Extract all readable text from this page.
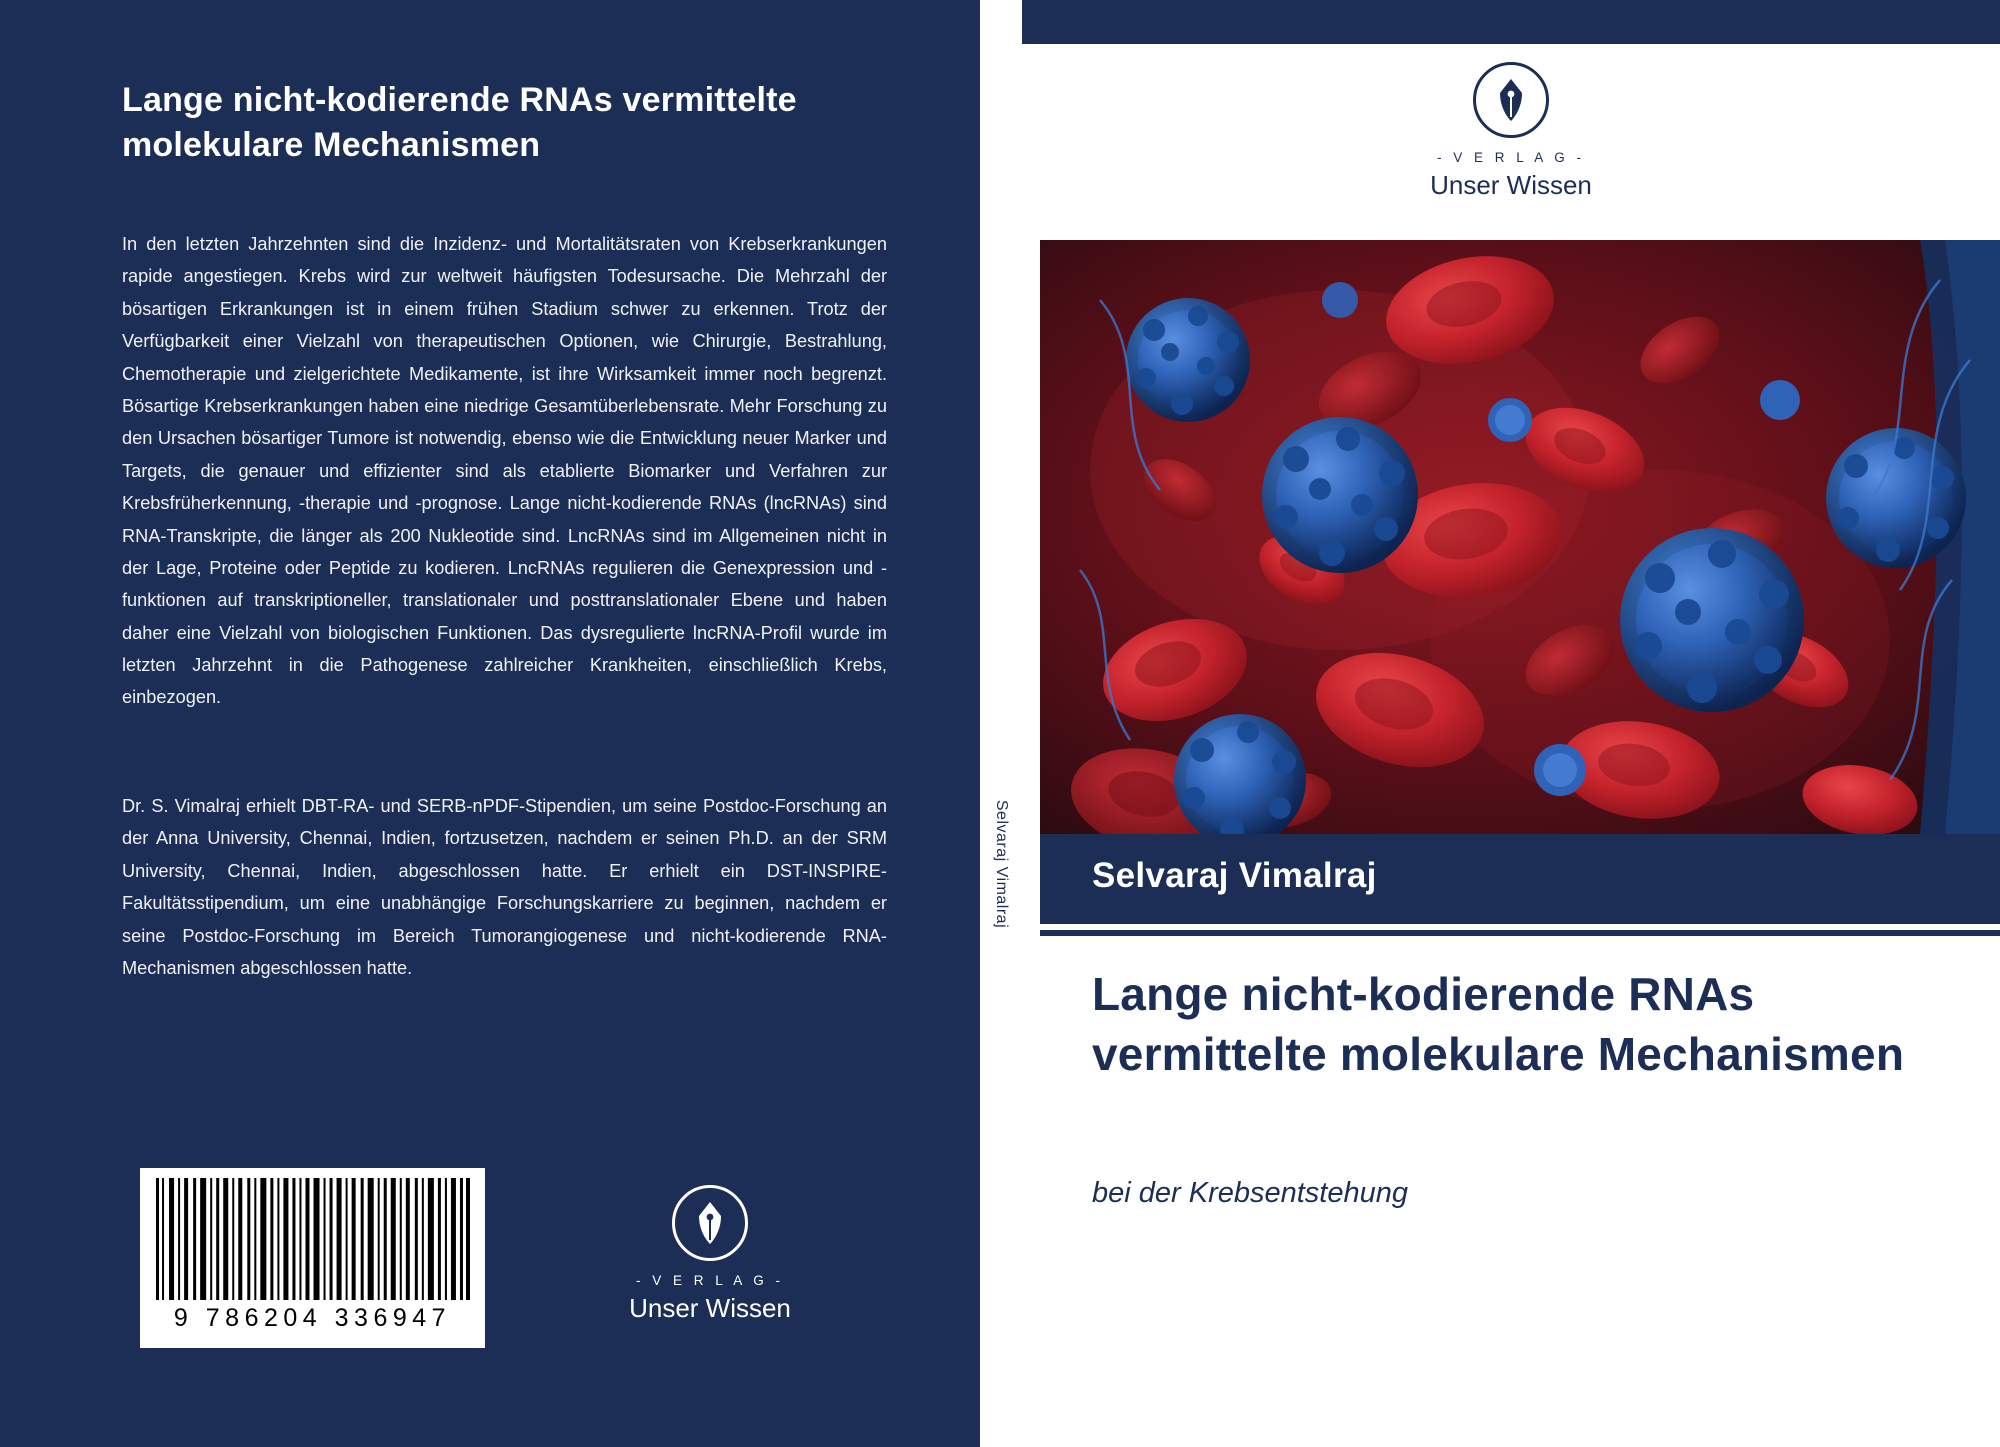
Lange nicht-kodierende RNAs vermittelte molekulare Mechanismen
In den letzten Jahrzehnten sind die Inzidenz- und Mortalitätsraten von Krebserkrankungen rapide angestiegen. Krebs wird zur weltweit häufigsten Todesursache. Die Mehrzahl der bösartigen Erkrankungen ist in einem frühen Stadium schwer zu erkennen. Trotz der Verfügbarkeit einer Vielzahl von therapeutischen Optionen, wie Chirurgie, Bestrahlung, Chemotherapie und zielgerichtete Medikamente, ist ihre Wirksamkeit immer noch begrenzt. Bösartige Krebserkrankungen haben eine niedrige Gesamtüberlebensrate. Mehr Forschung zu den Ursachen bösartiger Tumore ist notwendig, ebenso wie die Entwicklung neuer Marker und Targets, die genauer und effizienter sind als etablierte Biomarker und Verfahren zur Krebsfrüherkennung, -therapie und -prognose. Lange nicht-kodierende RNAs (lncRNAs) sind RNA-Transkripte, die länger als 200 Nukleotide sind. LncRNAs sind im Allgemeinen nicht in der Lage, Proteine oder Peptide zu kodieren. LncRNAs regulieren die Genexpression und -funktionen auf transkriptioneller, translationaler und posttranslationaler Ebene und haben daher eine Vielzahl von biologischen Funktionen. Das dysregulierte lncRNA-Profil wurde im letzten Jahrzehnt in die Pathogenese zahlreicher Krankheiten, einschließlich Krebs, einbezogen.
Dr. S. Vimalraj erhielt DBT-RA- und SERB-nPDF-Stipendien, um seine Postdoc-Forschung an der Anna University, Chennai, Indien, fortzusetzen, nachdem er seinen Ph.D. an der SRM University, Chennai, Indien, abgeschlossen hatte. Er erhielt ein DST-INSPIRE-Fakultätsstipendium, um eine unabhängige Forschungskarriere zu beginnen, nachdem er seine Postdoc-Forschung im Bereich Tumorangiogenese und nicht-kodierende RNA-Mechanismen abgeschlossen hatte.
9 786204 336947
- V E R L A G -
Unser Wissen
Selvaraj Vimalraj
- V E R L A G -
Unser Wissen
Selvaraj Vimalraj
Lange nicht-kodierende RNAs vermittelte molekulare Mechanismen
bei der Krebsentstehung
